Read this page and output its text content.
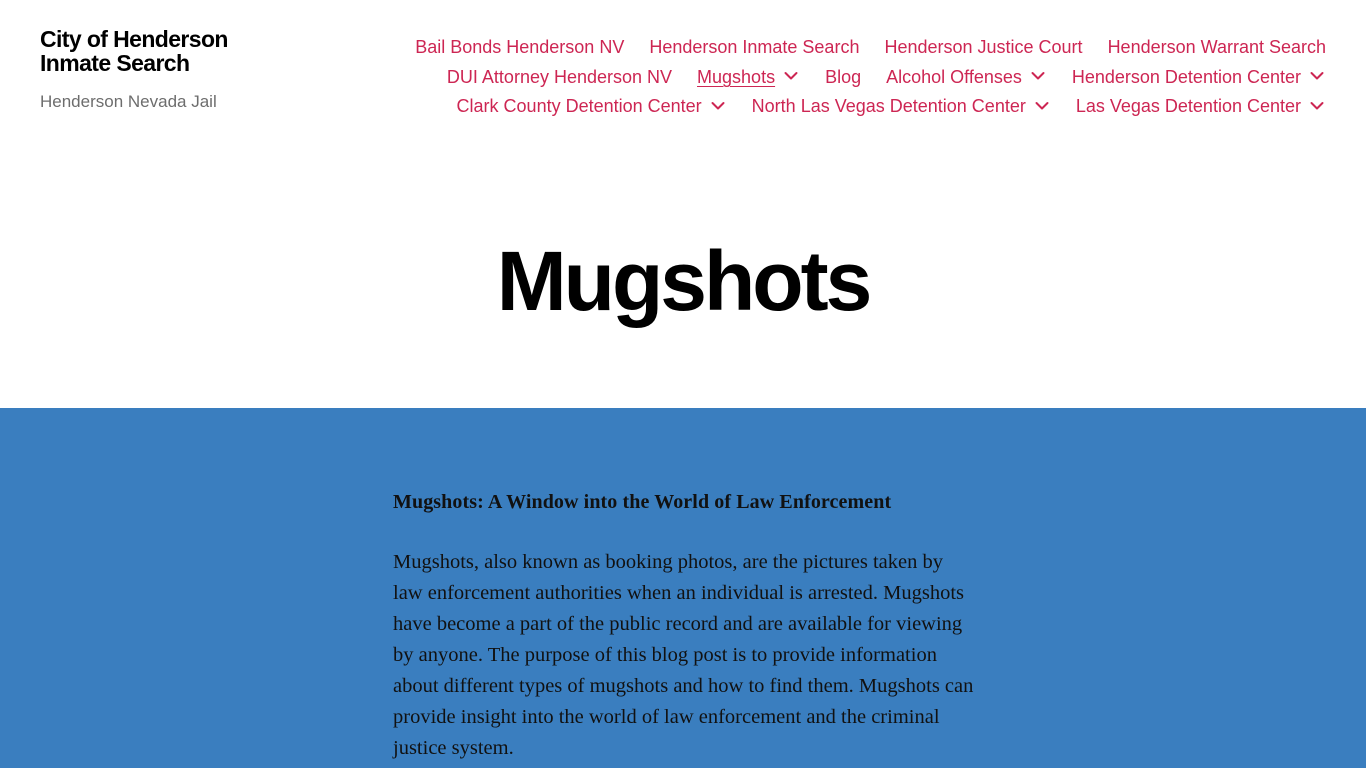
City of Henderson
Inmate Search
Henderson Nevada Jail
Bail Bonds Henderson NV Henderson Inmate Search Henderson Justice Court Henderson Warrant Search
DUI Attorney Henderson NV Mugshots	Blog Alcohol Offenses	Henderson Detention Center
Clark County Detention Center	North Las Vegas Detention Center	Las Vegas Detention Center
Mugshots
Mugshots: A Window into the World of Law Enforcement

Mugshots, also known as booking photos, are the pictures taken by law enforcement authorities when an individual is arrested. Mugshots have become a part of the public record and are available for viewing by anyone. The purpose of this blog post is to provide information about different types of mugshots and how to find them. Mugshots can provide insight into the world of law enforcement and the criminal justice system.
